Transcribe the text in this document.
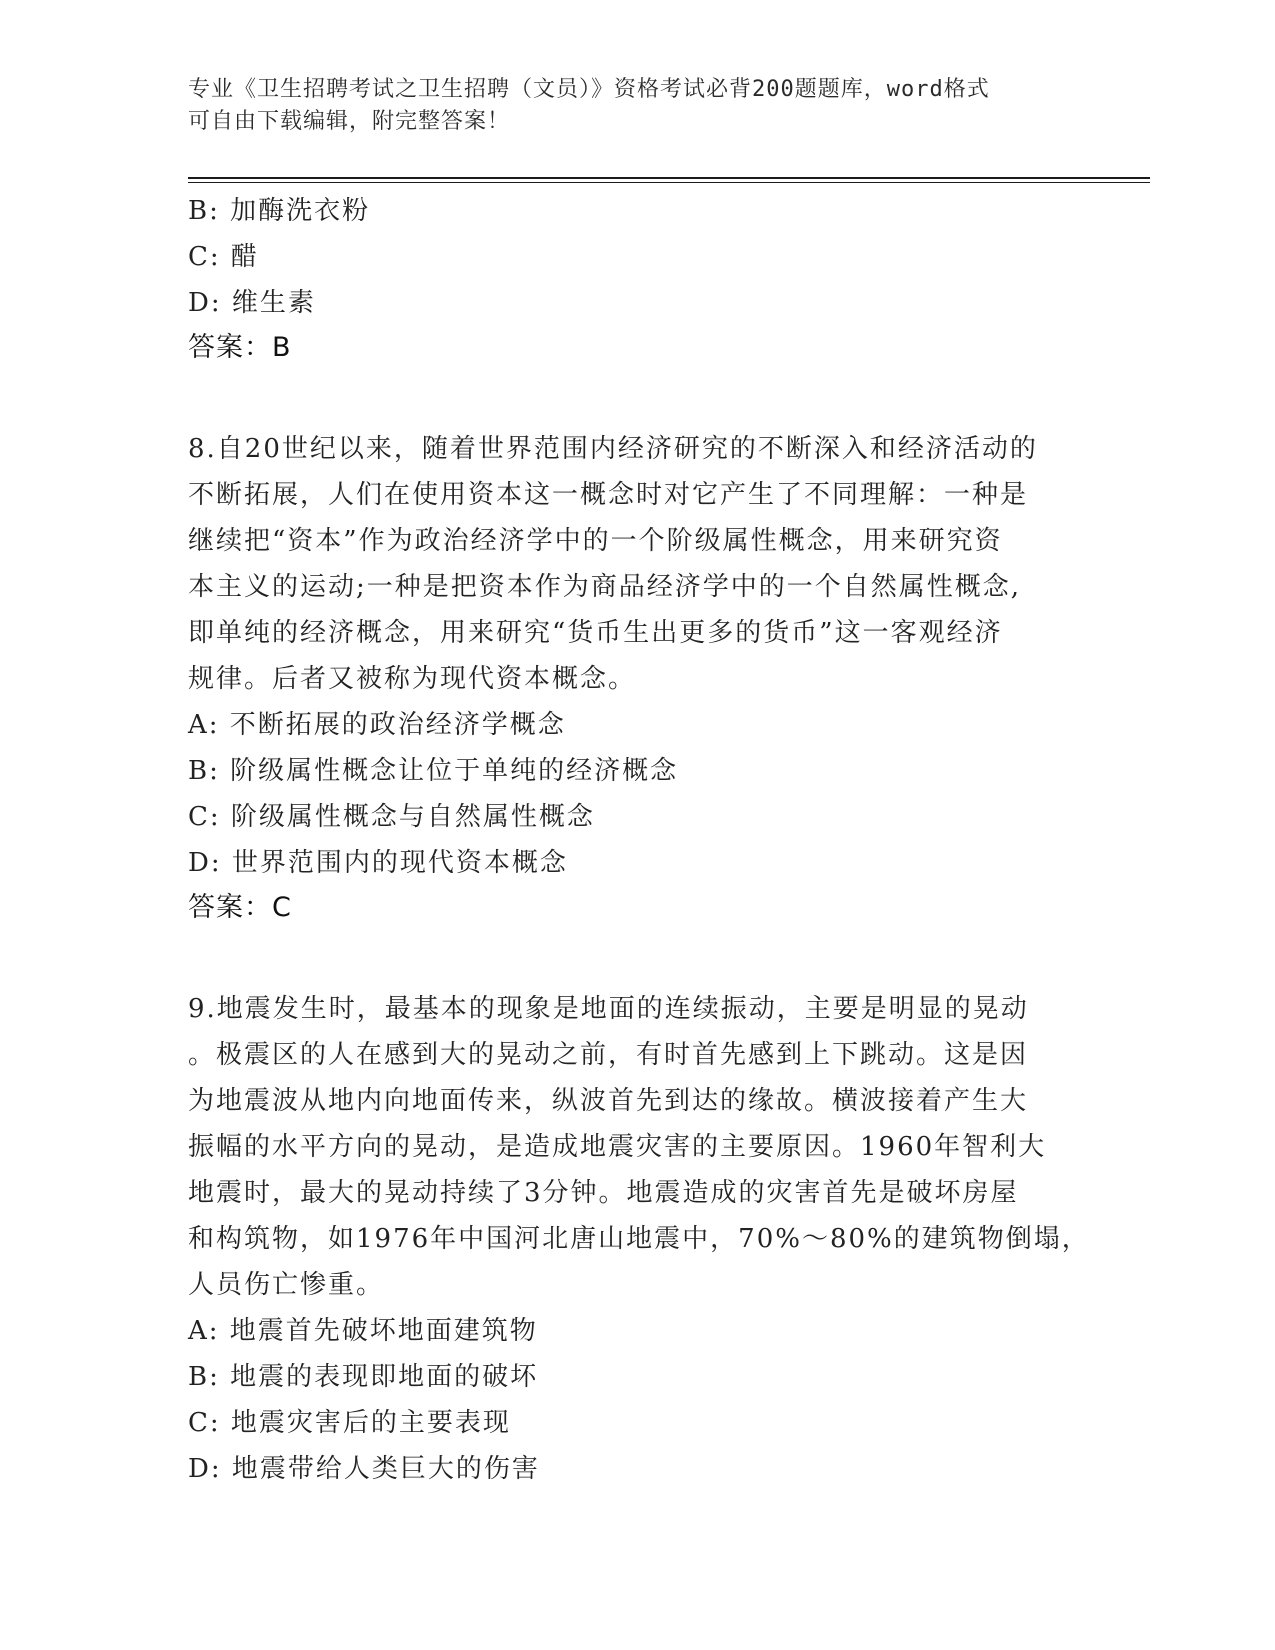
专业《卫生招聘考试之卫生招聘（文员）》资格考试必背200题题库，word格式
可自由下载编辑，附完整答案！
B: 加酶洗衣粉
C: 醋
D: 维生素
答案：B
8.自20世纪以来，随着世界范围内经济研究的不断深入和经济活动的
不断拓展，人们在使用资本这一概念时对它产生了不同理解：一种是
继续把“资本”作为政治经济学中的一个阶级属性概念，用来研究资
本主义的运动;一种是把资本作为商品经济学中的一个自然属性概念,
即单纯的经济概念，用来研究“货币生出更多的货币”这一客观经济
规律。后者又被称为现代资本概念。
A: 不断拓展的政治经济学概念
B: 阶级属性概念让位于单纯的经济概念
C: 阶级属性概念与自然属性概念
D: 世界范围内的现代资本概念
答案：C
9.地震发生时，最基本的现象是地面的连续振动，主要是明显的晃动
。极震区的人在感到大的晃动之前，有时首先感到上下跳动。这是因
为地震波从地内向地面传来，纵波首先到达的缘故。横波接着产生大
振幅的水平方向的晃动，是造成地震灾害的主要原因。1960年智利大
地震时，最大的晃动持续了3分钟。地震造成的灾害首先是破坏房屋
和构筑物，如1976年中国河北唐山地震中，70%～80%的建筑物倒塌，
人员伤亡惨重。
A: 地震首先破坏地面建筑物
B: 地震的表现即地面的破坏
C: 地震灾害后的主要表现
D: 地震带给人类巨大的伤害
